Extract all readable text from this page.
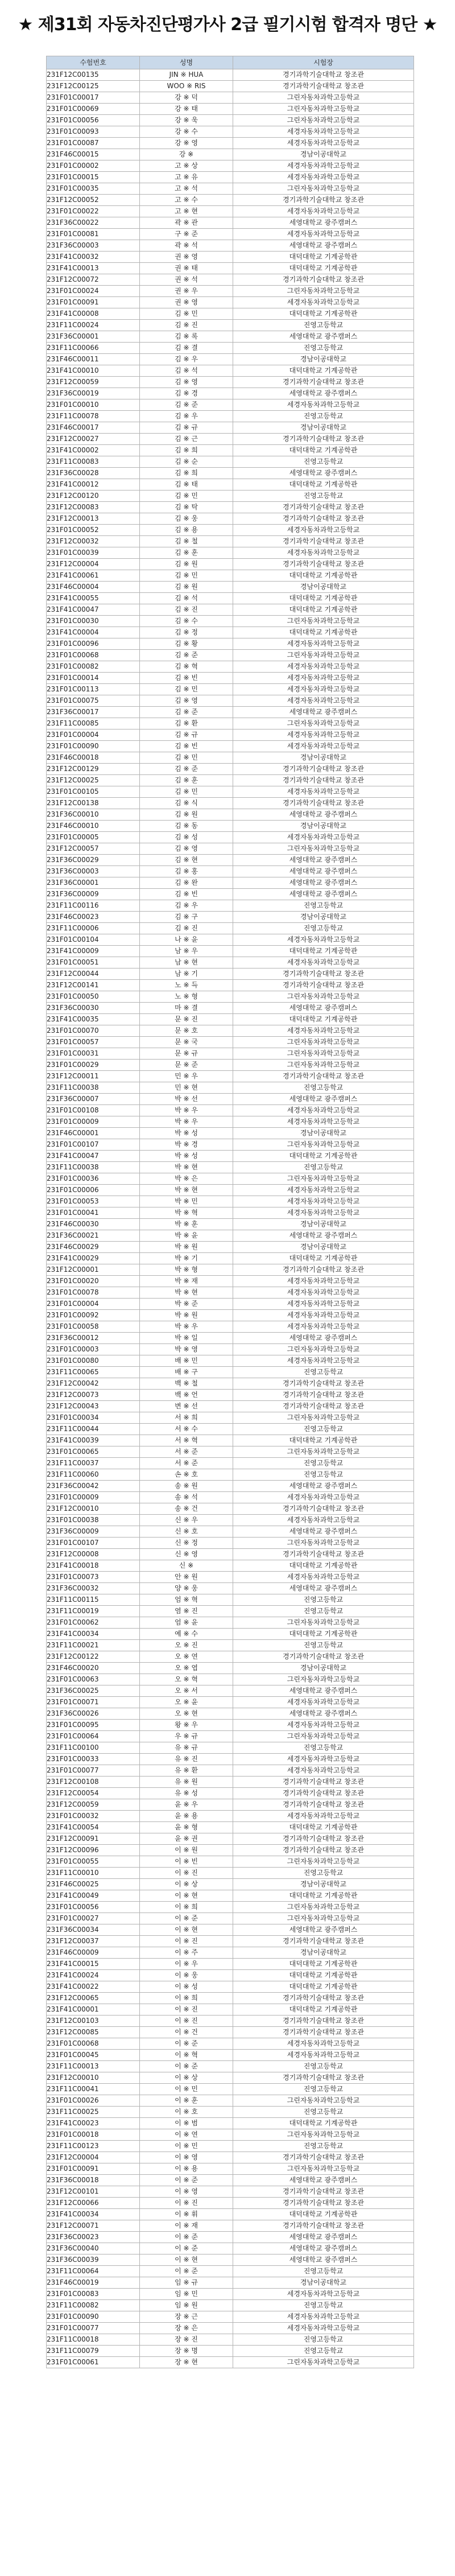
★ 제31회 자동차진단평가사 2급 필기시험 합격자 명단 ★
수험번호	성명	시험장
231F12C00135	JIN ※ HUA	경기과학기술대학교 창조관
231F12C00125	WOO ※ RIS	경기과학기술대학교 창조관
231F01C00017	강 ※ 덕	그린자동차과학고등학교
231F01C00069	강 ※ 태	그린자동차과학고등학교
231F01C00056	강 ※ 욱	그린자동차과학고등학교
231F01C00093	강 ※ 수	세경자동차과학고등학교
231F01C00087	강 ※ 영	세경자동차과학고등학교
231F46C00015	강 ※	경남이공대학교
231F01C00002	고 ※ 상	세경자동차과학고등학교
231F01C00015	고 ※ 유	세경자동차과학고등학교
231F01C00035	고 ※ 석	그린자동차과학고등학교
231F12C00052	고 ※ 수	경기과학기술대학교 창조관
231F01C00022	고 ※ 현	세경자동차과학고등학교
231F36C00022	곽 ※ 관	세영대학교 광주캠퍼스
231F01C00081	구 ※ 준	세경자동차과학고등학교
231F36C00003	곽 ※ 석	세영대학교 광주캠퍼스
231F41C00032	권 ※ 영	대덕대학교 기계공학관
231F41C00013	권 ※ 태	대덕대학교 기계공학관
231F12C00072	권 ※ 석	경기과학기술대학교 창조관
231F01C00024	권 ※ 우	그린자동차과학고등학교
231F01C00091	권 ※ 영	세경자동차과학고등학교
231F41C00008	김 ※ 민	대덕대학교 기계공학관
231F11C00024	김 ※ 진	진영고등학교
231F36C00001	김 ※ 록	세영대학교 광주캠퍼스
231F11C00066	김 ※ 결	진영고등학교
231F46C00011	김 ※ 우	경남이공대학교
231F41C00010	김 ※ 석	대덕대학교 기계공학관
231F12C00059	김 ※ 영	경기과학기술대학교 창조관
231F36C00019	김 ※ 경	세영대학교 광주캠퍼스
231F01C00010	김 ※ 준	세경자동차과학고등학교
231F11C00078	김 ※ 우	진영고등학교
231F46C00017	김 ※ 규	경남이공대학교
231F12C00027	김 ※ 근	경기과학기술대학교 창조관
231F41C00002	김 ※ 희	대덕대학교 기계공학관
231F11C00083	김 ※ 순	진영고등학교
231F36C00028	김 ※ 희	세영대학교 광주캠퍼스
231F41C00012	김 ※ 태	대덕대학교 기계공학관
231F12C00120	김 ※ 민	진영고등학교
231F12C00083	김 ※ 탁	경기과학기술대학교 창조관
231F12C00013	김 ※ 웅	경기과학기술대학교 창조관
231F01C00052	김 ※ 용	세경자동차과학고등학교
231F12C00032	김 ※ 철	경기과학기술대학교 창조관
231F01C00039	김 ※ 훈	세경자동차과학고등학교
231F12C00004	김 ※ 원	경기과학기술대학교 창조관
231F41C00061	김 ※ 민	대덕대학교 기계공학관
231F46C00004	김 ※ 원	경남이공대학교
231F41C00055	김 ※ 석	대덕대학교 기계공학관
231F41C00047	김 ※ 진	대덕대학교 기계공학관
231F01C00030	김 ※ 수	그린자동차과학고등학교
231F41C00004	김 ※ 정	대덕대학교 기계공학관
231F01C00096	김 ※ 황	세경자동차과학고등학교
231F01C00068	김 ※ 준	그린자동차과학고등학교
231F01C00082	김 ※ 혁	세경자동차과학고등학교
231F01C00014	김 ※ 빈	세경자동차과학고등학교
231F01C00113	김 ※ 민	세경자동차과학고등학교
231F01C00075	김 ※ 영	세경자동차과학고등학교
231F36C00017	김 ※ 준	세영대학교 광주캠퍼스
231F11C00085	김 ※ 환	그린자동차과학고등학교
231F01C00004	김 ※ 규	세경자동차과학고등학교
231F01C00090	김 ※ 빈	세경자동차과학고등학교
231F46C00018	김 ※ 민	경남이공대학교
231F12C00129	김 ※ 준	경기과학기술대학교 창조관
231F12C00025	김 ※ 훈	경기과학기술대학교 창조관
231F01C00105	김 ※ 민	세경자동차과학고등학교
231F12C00138	김 ※ 식	경기과학기술대학교 창조관
231F36C00010	김 ※ 원	세영대학교 광주캠퍼스
231F46C00010	김 ※ 동	경남이공대학교
231F01C00005	김 ※ 성	세경자동차과학고등학교
231F12C00057	김 ※ 영	그린자동차과학고등학교
231F36C00029	김 ※ 현	세영대학교 광주캠퍼스
231F36C00003	김 ※ 홍	세영대학교 광주캠퍼스
231F36C00001	김 ※ 완	세영대학교 광주캠퍼스
231F36C00009	김 ※ 빈	세영대학교 광주캠퍼스
231F11C00116	김 ※ 우	진영고등학교
231F46C00023	김 ※ 구	경남이공대학교
231F11C00006	김 ※ 진	진영고등학교
231F01C00104	나 ※ 윤	세경자동차과학고등학교
231F41C00009	남 ※ 우	대덕대학교 기계공학관
231F01C00051	남 ※ 현	세경자동차과학고등학교
231F12C00044	남 ※ 기	경기과학기술대학교 창조관
231F12C00141	노 ※ 득	경기과학기술대학교 창조관
231F01C00050	노 ※ 형	그린자동차과학고등학교
231F36C00030	마 ※ 결	세영대학교 광주캠퍼스
231F41C00035	문 ※ 진	대덕대학교 기계공학관
231F01C00070	문 ※ 호	세경자동차과학고등학교
231F01C00057	문 ※ 국	그린자동차과학고등학교
231F01C00031	문 ※ 규	그린자동차과학고등학교
231F01C00029	문 ※ 준	그린자동차과학고등학교
231F12C00011	민 ※ 우	경기과학기술대학교 창조관
231F11C00038	민 ※ 현	진영고등학교
231F36C00007	박 ※ 선	세영대학교 광주캠퍼스
231F01C00108	박 ※ 우	세경자동차과학고등학교
231F01C00009	박 ※ 우	세경자동차과학고등학교
231F46C00001	박 ※ 성	경남이공대학교
231F01C00107	박 ※ 경	그린자동차과학고등학교
231F41C00047	박 ※ 성	대덕대학교 기계공학관
231F11C00038	박 ※ 현	진영고등학교
231F01C00036	박 ※ 은	그린자동차과학고등학교
231F01C00006	박 ※ 현	세경자동차과학고등학교
231F01C00053	박 ※ 민	세경자동차과학고등학교
231F01C00041	박 ※ 혁	세경자동차과학고등학교
231F46C00030	박 ※ 훈	경남이공대학교
231F36C00021	박 ※ 윤	세영대학교 광주캠퍼스
231F46C00029	박 ※ 원	경남이공대학교
231F41C00029	박 ※ 기	대덕대학교 기계공학관
231F12C00001	박 ※ 형	경기과학기술대학교 창조관
231F01C00020	박 ※ 재	세경자동차과학고등학교
231F01C00078	박 ※ 현	세경자동차과학고등학교
231F01C00004	박 ※ 준	세경자동차과학고등학교
231F01C00092	박 ※ 원	세경자동차과학고등학교
231F01C00058	박 ※ 우	세경자동차과학고등학교
231F36C00012	박 ※ 일	세영대학교 광주캠퍼스
231F01C00003	박 ※ 영	그린자동차과학고등학교
231F01C00080	배 ※ 민	세경자동차과학고등학교
231F11C00065	배 ※ 구	진영고등학교
231F12C00042	백 ※ 철	경기과학기술대학교 창조관
231F12C00073	백 ※ 언	경기과학기술대학교 창조관
231F12C00043	변 ※ 선	경기과학기술대학교 창조관
231F01C00034	서 ※ 희	그린자동차과학고등학교
231F11C00044	서 ※ 수	진영고등학교
231F41C00039	서 ※ 혁	대덕대학교 기계공학관
231F01C00065	서 ※ 준	그린자동차과학고등학교
231F11C00037	서 ※ 준	진영고등학교
231F11C00060	손 ※ 호	진영고등학교
231F36C00042	송 ※ 원	세영대학교 광주캠퍼스
231F01C00009	송 ※ 석	세경자동차과학고등학교
231F12C00010	송 ※ 건	경기과학기술대학교 창조관
231F01C00038	신 ※ 우	세경자동차과학고등학교
231F36C00009	신 ※ 호	세영대학교 광주캠퍼스
231F01C00107	신 ※ 정	그린자동차과학고등학교
231F12C00008	신 ※ 영	경기과학기술대학교 창조관
231F41C00018	신 ※	대덕대학교 기계공학관
231F01C00073	안 ※ 원	세경자동차과학고등학교
231F36C00032	양 ※ 웅	세영대학교 광주캠퍼스
231F11C00115	엄 ※ 혁	진영고등학교
231F11C00019	염 ※ 진	진영고등학교
231F01C00062	엄 ※ 윤	그린자동차과학고등학교
231F41C00034	예 ※ 수	대덕대학교 기계공학관
231F11C00021	오 ※ 진	진영고등학교
231F12C00122	오 ※ 연	경기과학기술대학교 창조관
231F46C00020	오 ※ 엽	경남이공대학교
231F01C00063	오 ※ 혁	그린자동차과학고등학교
231F36C00025	오 ※ 서	세영대학교 광주캠퍼스
231F01C00071	오 ※ 윤	세경자동차과학고등학교
231F36C00026	오 ※ 현	세영대학교 광주캠퍼스
231F01C00095	왕 ※ 우	세경자동차과학고등학교
231F01C00064	우 ※ 규	그린자동차과학고등학교
231F11C00100	유 ※ 규	진영고등학교
231F01C00033	유 ※ 진	세경자동차과학고등학교
231F01C00077	유 ※ 환	세경자동차과학고등학교
231F12C00108	유 ※ 원	경기과학기술대학교 창조관
231F12C00054	유 ※ 성	경기과학기술대학교 창조관
231F12C00059	윤 ※ 우	경기과학기술대학교 창조관
231F01C00032	윤 ※ 용	세경자동차과학고등학교
231F41C00054	윤 ※ 형	대덕대학교 기계공학관
231F12C00091	윤 ※ 권	경기과학기술대학교 창조관
231F12C00096	이 ※ 원	경기과학기술대학교 창조관
231F01C00055	이 ※ 빈	그린자동차과학고등학교
231F11C00010	이 ※ 진	진영고등학교
231F46C00025	이 ※ 상	경남이공대학교
231F41C00049	이 ※ 현	대덕대학교 기계공학관
231F01C00056	이 ※ 희	그린자동차과학고등학교
231F01C00027	이 ※ 준	그린자동차과학고등학교
231F36C00034	이 ※ 현	세영대학교 광주캠퍼스
231F12C00037	이 ※ 진	경기과학기술대학교 창조관
231F46C00009	이 ※ 주	경남이공대학교
231F41C00015	이 ※ 우	대덕대학교 기계공학관
231F41C00024	이 ※ 웅	대덕대학교 기계공학관
231F41C00022	이 ※ 성	대덕대학교 기계공학관
231F12C00065	이 ※ 희	경기과학기술대학교 창조관
231F41C00001	이 ※ 진	대덕대학교 기계공학관
231F12C00103	이 ※ 진	경기과학기술대학교 창조관
231F12C00085	이 ※ 건	경기과학기술대학교 창조관
231F01C00068	이 ※ 준	세경자동차과학고등학교
231F01C00045	이 ※ 혁	세경자동차과학고등학교
231F11C00013	이 ※ 준	진영고등학교
231F12C00010	이 ※ 상	경기과학기술대학교 창조관
231F11C00041	이 ※ 민	진영고등학교
231F01C00026	이 ※ 훈	그린자동차과학고등학교
231F11C00025	이 ※ 호	진영고등학교
231F41C00023	이 ※ 범	대덕대학교 기계공학관
231F01C00018	이 ※ 연	그린자동차과학고등학교
231F11C00123	이 ※ 민	진영고등학교
231F12C00004	이 ※ 영	경기과학기술대학교 창조관
231F01C00091	이 ※ 용	그린자동차과학고등학교
231F36C00018	이 ※ 준	세영대학교 광주캠퍼스
231F12C00101	이 ※ 영	경기과학기술대학교 창조관
231F12C00066	이 ※ 진	경기과학기술대학교 창조관
231F41C00034	이 ※ 휘	대덕대학교 기계공학관
231F12C00071	이 ※ 재	경기과학기술대학교 창조관
231F36C00023	이 ※ 준	세영대학교 광주캠퍼스
231F36C00040	이 ※ 준	세영대학교 광주캠퍼스
231F36C00039	이 ※ 현	세영대학교 광주캠퍼스
231F11C00064	이 ※ 준	진영고등학교
231F46C00019	임 ※ 규	경남이공대학교
231F01C00083	임 ※ 민	세경자동차과학고등학교
231F11C00082	임 ※ 원	진영고등학교
231F01C00090	장 ※ 근	세경자동차과학고등학교
231F01C00077	장 ※ 은	세경자동차과학고등학교
231F11C00018	장 ※ 진	진영고등학교
231F11C00079	장 ※ 명	진영고등학교
231F01C00061	장 ※ 현	그린자동차과학고등학교
